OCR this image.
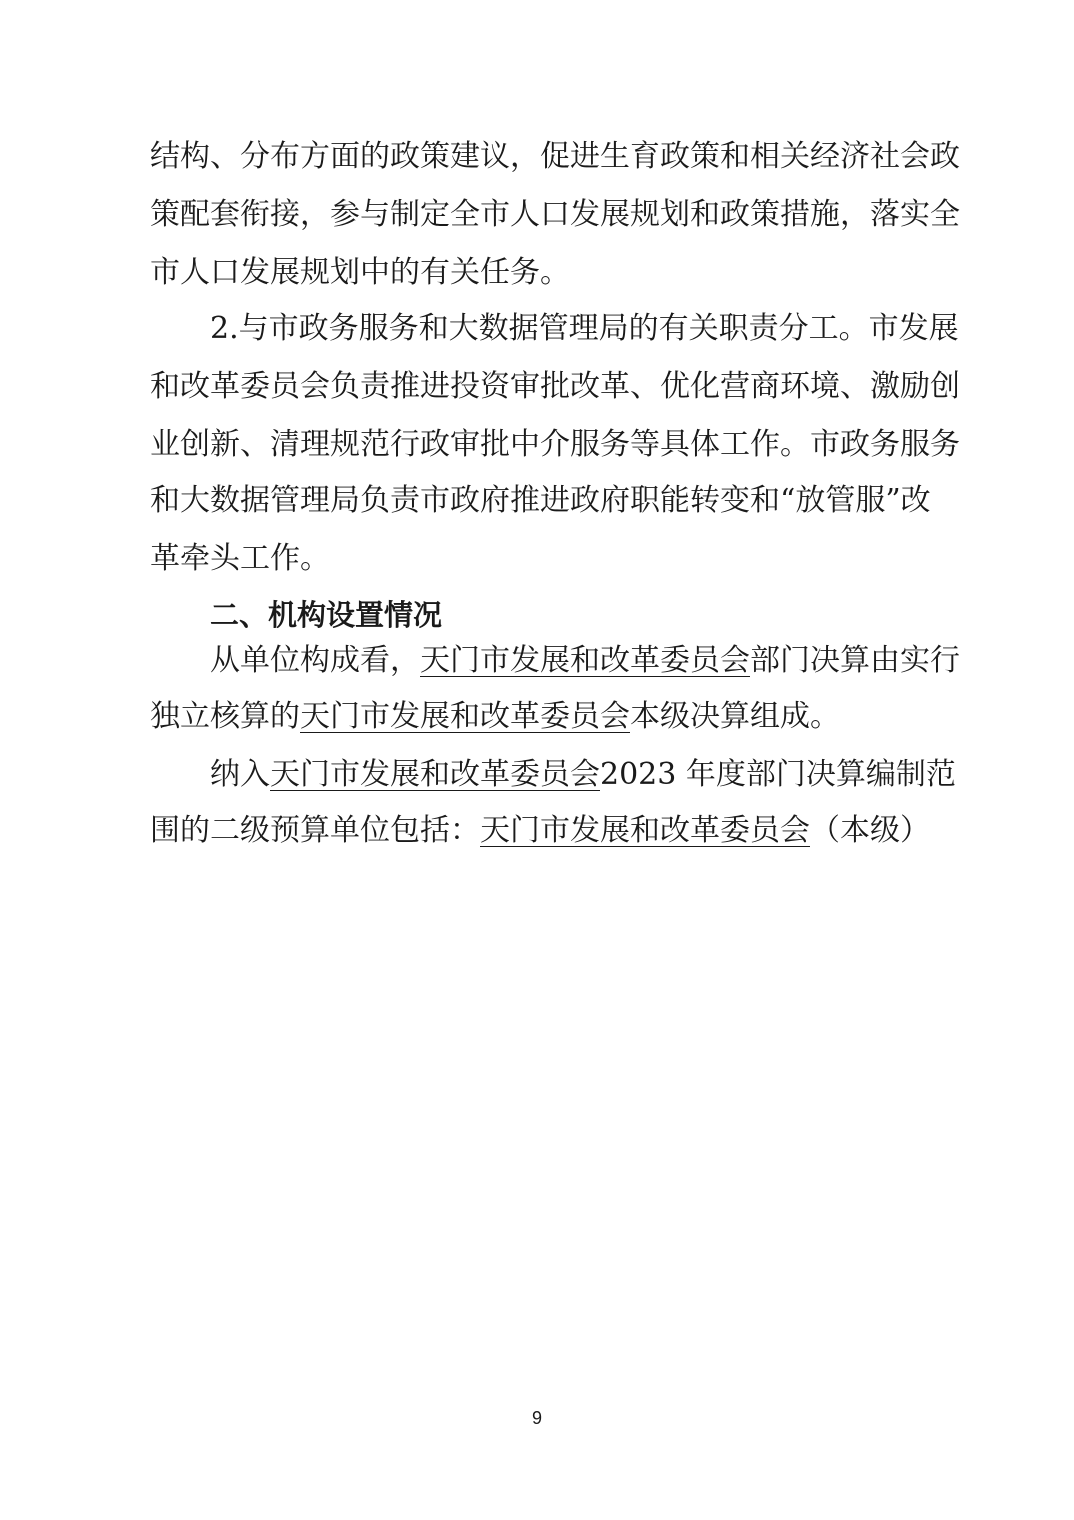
结构、分布方面的政策建议，促进生育政策和相关经济社会政
策配套衔接，参与制定全市人口发展规划和政策措施，落实全
市人口发展规划中的有关任务。
2.与市政务服务和大数据管理局的有关职责分工。市发展
和改革委员会负责推进投资审批改革、优化营商环境、激励创
业创新、清理规范行政审批中介服务等具体工作。市政务服务
和大数据管理局负责市政府推进政府职能转变和“放管服”改
革牵头工作。
二、机构设置情况
从单位构成看，天门市发展和改革委员会部门决算由实行
独立核算的天门市发展和改革委员会本级决算组成。
纳入天门市发展和改革委员会2023 年度部门决算编制范
围的二级预算单位包括：天门市发展和改革委员会（本级）
9
